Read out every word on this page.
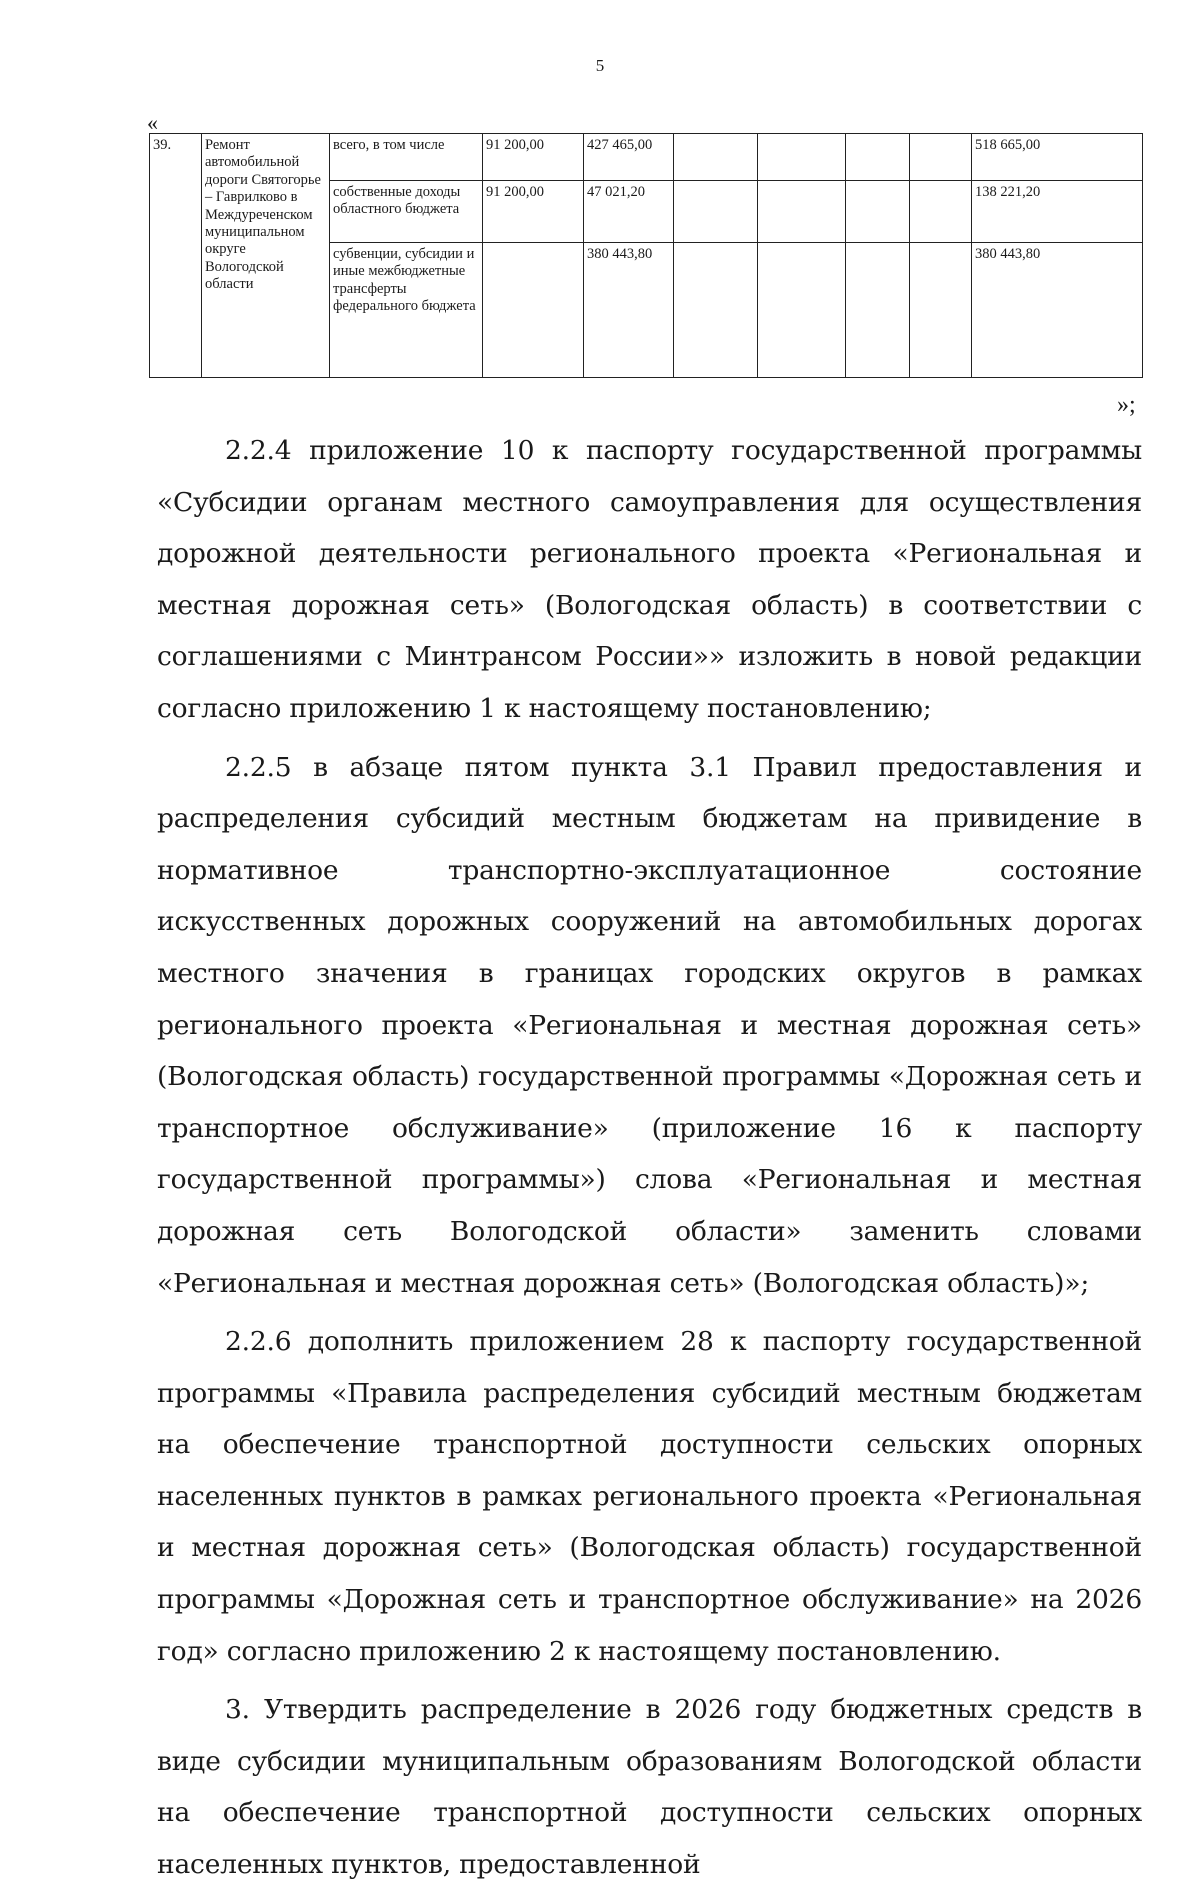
5
«
39.	Ремонт автомобильной дороги Святогорье – Гаврилково в Междуреченском муниципальном округе Вологодской области	всего, в том числе	91 200,00	427 465,00					518 665,00
		собственные доходы областного бюджета	91 200,00	47 021,20					138 221,20
		субвенции, субсидии и иные межбюджетные трансферты федерального бюджета		380 443,80					380 443,80
»;

2.2.4 приложение 10 к паспорту государственной программы «Субсидии органам местного самоуправления для осуществления дорожной деятельности регионального проекта «Региональная и местная дорожная сеть» (Вологодская область) в соответствии с соглашениями с Минтрансом России»» изложить в новой редакции согласно приложению 1 к настоящему постановлению;

2.2.5 в абзаце пятом пункта 3.1 Правил предоставления и распределения субсидий местным бюджетам на привидение в нормативное транспортно-эксплуатационное состояние искусственных дорожных сооружений на автомобильных дорогах местного значения в границах городских округов в рамках регионального проекта «Региональная и местная дорожная сеть» (Вологодская область) государственной программы «Дорожная сеть и транспортное обслуживание» (приложение 16 к паспорту государственной программы») слова «Региональная и местная дорожная сеть Вологодской области» заменить словами «Региональная и местная дорожная сеть» (Вологодская область)»;

2.2.6 дополнить приложением 28 к паспорту государственной программы «Правила распределения субсидий местным бюджетам на обеспечение транспортной доступности сельских опорных населенных пунктов в рамках регионального проекта «Региональная и местная дорожная сеть» (Вологодская область) государственной программы «Дорожная сеть и транспортное обслуживание» на 2026 год» согласно приложению 2 к настоящему постановлению.

3. Утвердить распределение в 2026 году бюджетных средств в виде субсидии муниципальным образованиям Вологодской области на обеспечение транспортной доступности сельских опорных населенных пунктов, предоставленной
